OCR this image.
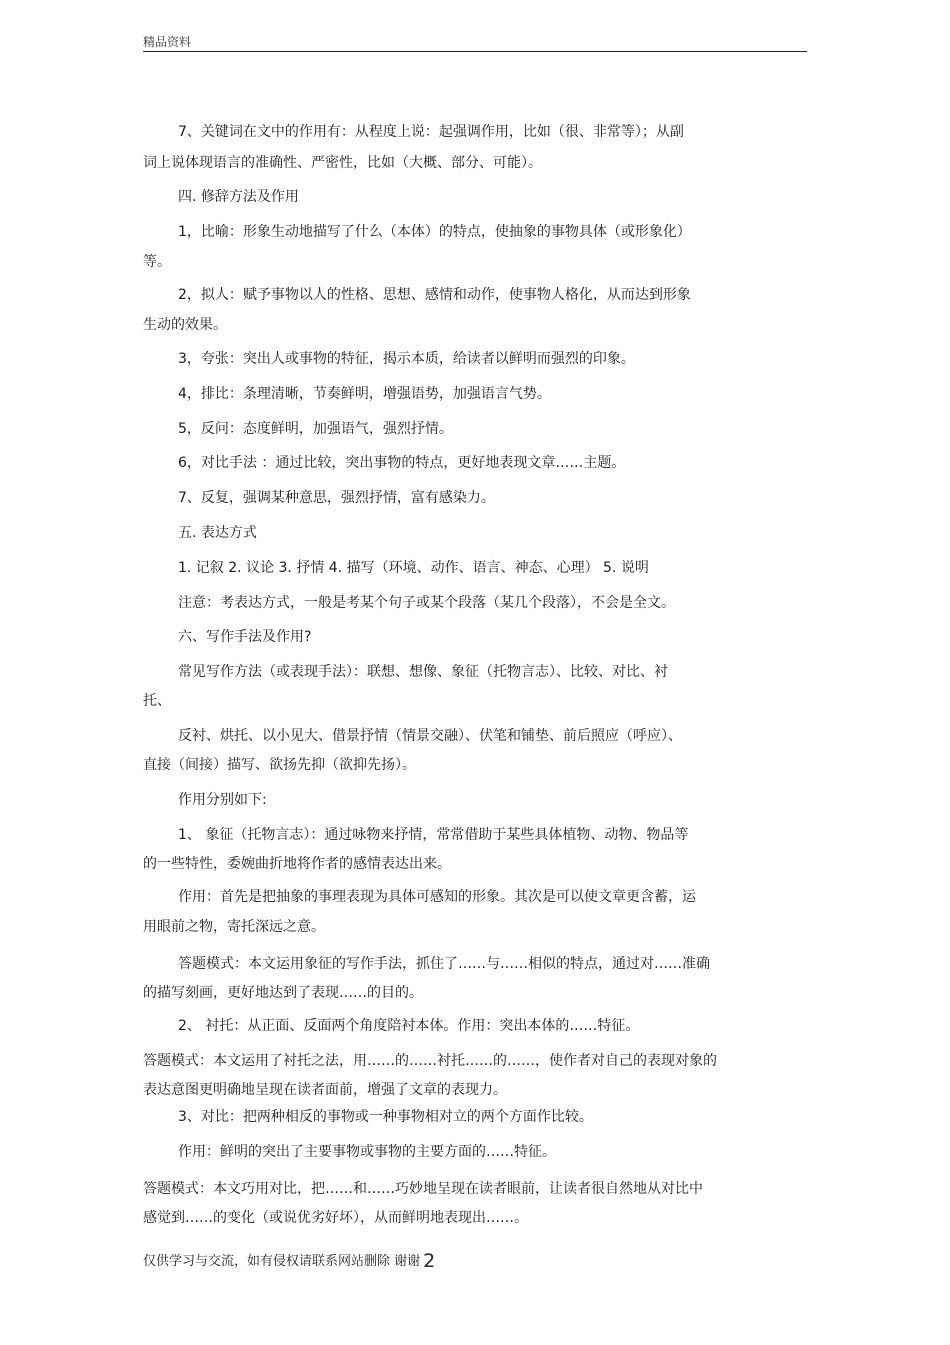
精品资料
7、关键词在文中的作用有：从程度上说：起强调作用，比如（很、非常等）；从副
词上说体现语言的准确性、严密性，比如（大概、部分、可能）。
四. 修辞方法及作用
1，比喻：形象生动地描写了什么（本体）的特点，使抽象的事物具体（或形象化）
等。
2，拟人：赋予事物以人的性格、思想、感情和动作，使事物人格化，从而达到形象
生动的效果。
3，夸张：突出人或事物的特征，揭示本质，给读者以鲜明而强烈的印象。
4，排比：条理清晰，节奏鲜明，增强语势，加强语言气势。
5，反问：态度鲜明，加强语气，强烈抒情。
6，对比手法 ：通过比较，突出事物的特点，更好地表现文章……主题。
7、反复，强调某种意思，强烈抒情，富有感染力。
五. 表达方式
1. 记叙 2. 议论 3. 抒情 4. 描写（环境、动作、语言、神态、心理） 5. 说明
注意：考表达方式，一般是考某个句子或某个段落（某几个段落），不会是全文。
六、写作手法及作用?
常见写作方法（或表现手法）：联想、想像、象征（托物言志）、比较、对比、衬
托、
反衬、烘托、以小见大、借景抒情（情景交融）、伏笔和铺垫、前后照应（呼应）、
直接（间接）描写、欲扬先抑（欲抑先扬）。
作用分别如下:
1、 象征（托物言志）：通过咏物来抒情，常常借助于某些具体植物、动物、物品等
的一些特性，委婉曲折地将作者的感情表达出来。
作用：首先是把抽象的事理表现为具体可感知的形象。其次是可以使文章更含蓄，运
用眼前之物，寄托深远之意。
答题模式：本文运用象征的写作手法，抓住了……与……相似的特点，通过对……准确
的描写刻画，更好地达到了表现……的目的。
2、 衬托：从正面、反面两个角度陪衬本体。作用：突出本体的……特征。
答题模式：本文运用了衬托之法，用……的……衬托……的……，使作者对自己的表现对象的
表达意图更明确地呈现在读者面前，增强了文章的表现力。
3、对比：把两种相反的事物或一种事物相对立的两个方面作比较。
作用：鲜明的突出了主要事物或事物的主要方面的……特征。
答题模式：本文巧用对比，把……和……巧妙地呈现在读者眼前，让读者很自然地从对比中
感觉到……的变化（或说优劣好坏），从而鲜明地表现出……。
仅供学习与交流，如有侵权请联系网站删除 谢谢 2
